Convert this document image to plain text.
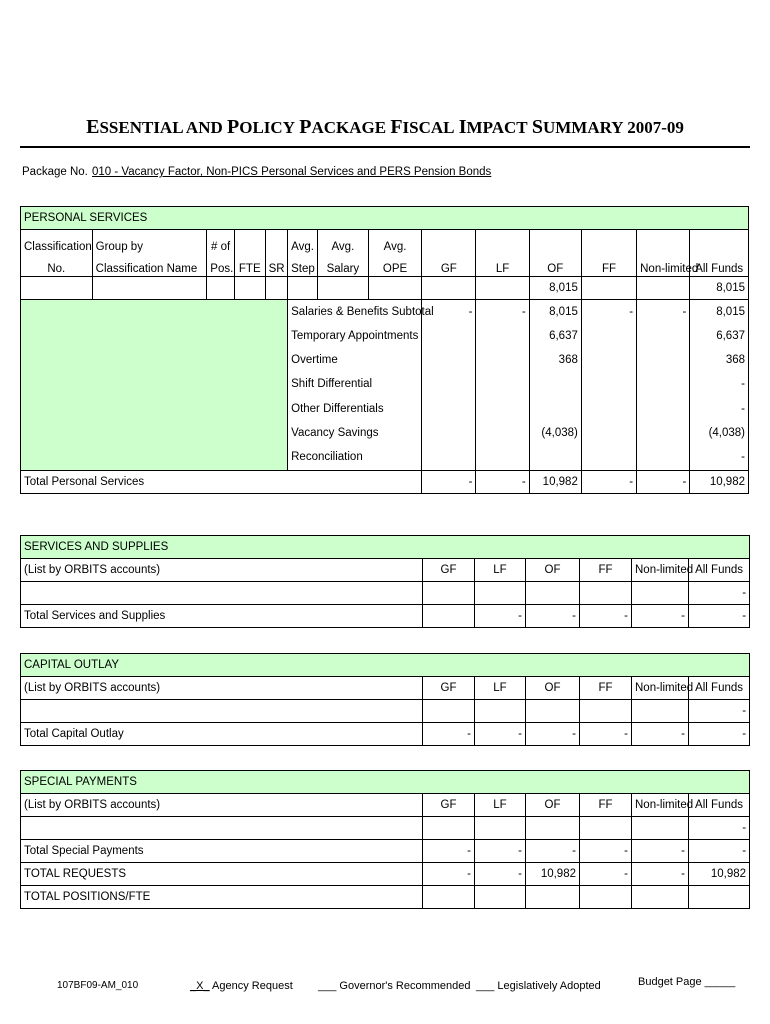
ESSENTIAL AND POLICY PACKAGE FISCAL IMPACT SUMMARY 2007-09
Package No. 010 - Vacancy Factor, Non-PICS Personal Services and PERS Pension Bonds
PERSONAL SERVICES													
Classification	Group by	# of			Avg.	Avg.	Avg.						
No.	Classification Name	Pos.	FTE	SR	Step	Salary	OPE	GF	LF	OF	FF	Non-limited	All Funds
										8,015			8,015
					Salaries & Benefits Subtotal			-	-	8,015	-	-	8,015
					Temporary Appointments					6,637			6,637
					Overtime					368			368
					Shift Differential								-
					Other Differentials								-
					Vacancy Savings					(4,038)			(4,038)
					Reconciliation								-
Total Personal Services								-	-	10,982	-	-	10,982
SERVICES AND SUPPLIES						
(List by ORBITS accounts)	GF	LF	OF	FF	Non-limited	All Funds
						-
Total Services and Supplies		-	-	-	-	-
CAPITAL OUTLAY						
(List by ORBITS accounts)	GF	LF	OF	FF	Non-limited	All Funds
						-
Total Capital Outlay	-	-	-	-	-	-
SPECIAL PAYMENTS						
(List by ORBITS accounts)	GF	LF	OF	FF	Non-limited	All Funds
						-
Total Special Payments	-	-	-	-	-	-
TOTAL REQUESTS	-	-	10,982	-	-	10,982
TOTAL POSITIONS/FTE						
107BF09-AM_010	_X_ Agency Request ___ Governor's Recommended ___ Legislatively Adopted	Budget Page _____
